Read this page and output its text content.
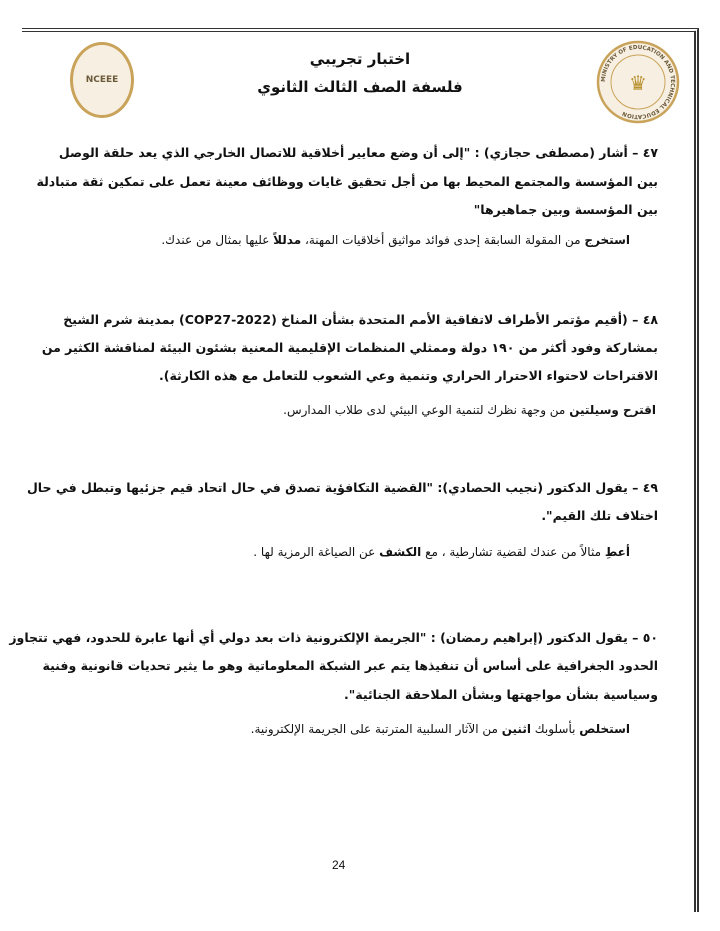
NCEEE	MINISTRY OF EDUCATION AND TECHNICAL EDUCATION
♛
اختبار تجريبي
فلسفة الصف الثالث الثانوي
٤٧ – أشار (مصطفى حجازي) : "إلى أن وضع معايير أخلاقية للاتصال الخارجي الذي يعد حلقة الوصل
بين المؤسسة والمجتمع المحيط بها من أجل تحقيق غايات ووظائف معينة تعمل على تمكين ثقة متبادلة
بين المؤسسة وبين جماهيرها"
استخرج من المقولة السابقة إحدى فوائد مواثيق أخلاقيات المهنة، مدللاً عليها بمثال من عندك.
٤٨ – (أقيم مؤتمر الأطراف لاتفاقية الأمم المتحدة بشأن المناخ (COP27-2022) بمدينة شرم الشيخ
بمشاركة وفود أكثر من ١٩٠ دولة وممثلي المنظمات الإقليمية المعنية بشئون البيئة لمناقشة الكثير من
الاقتراحات لاحتواء الاحترار الحراري وتنمية وعي الشعوب للتعامل مع هذه الكارثة).
اقترح وسيلتين من وجهة نظرك لتنمية الوعي البيئي لدى طلاب المدارس.
٤٩ – يقول الدكتور (نجيب الحصادي): "القضية التكافؤية تصدق في حال اتحاد قيم جزئيها وتبطل في حال
اختلاف تلك القيم".
أعطِ مثالاً من عندك لقضية تشارطية ، مع الكشف عن الصياغة الرمزية لها .
٥٠ – يقول الدكتور (إبراهيم رمضان) : "الجريمة الإلكترونية ذات بعد دولي أي أنها عابرة للحدود، فهي تتجاوز
الحدود الجغرافية على أساس أن تنفيذها يتم عبر الشبكة المعلوماتية وهو ما يثير تحديات قانونية وفنية
وسياسية بشأن مواجهتها وبشأن الملاحقة الجنائية".
استخلص بأسلوبك اثنين من الآثار السلبية المترتبة على الجريمة الإلكترونية.
24
